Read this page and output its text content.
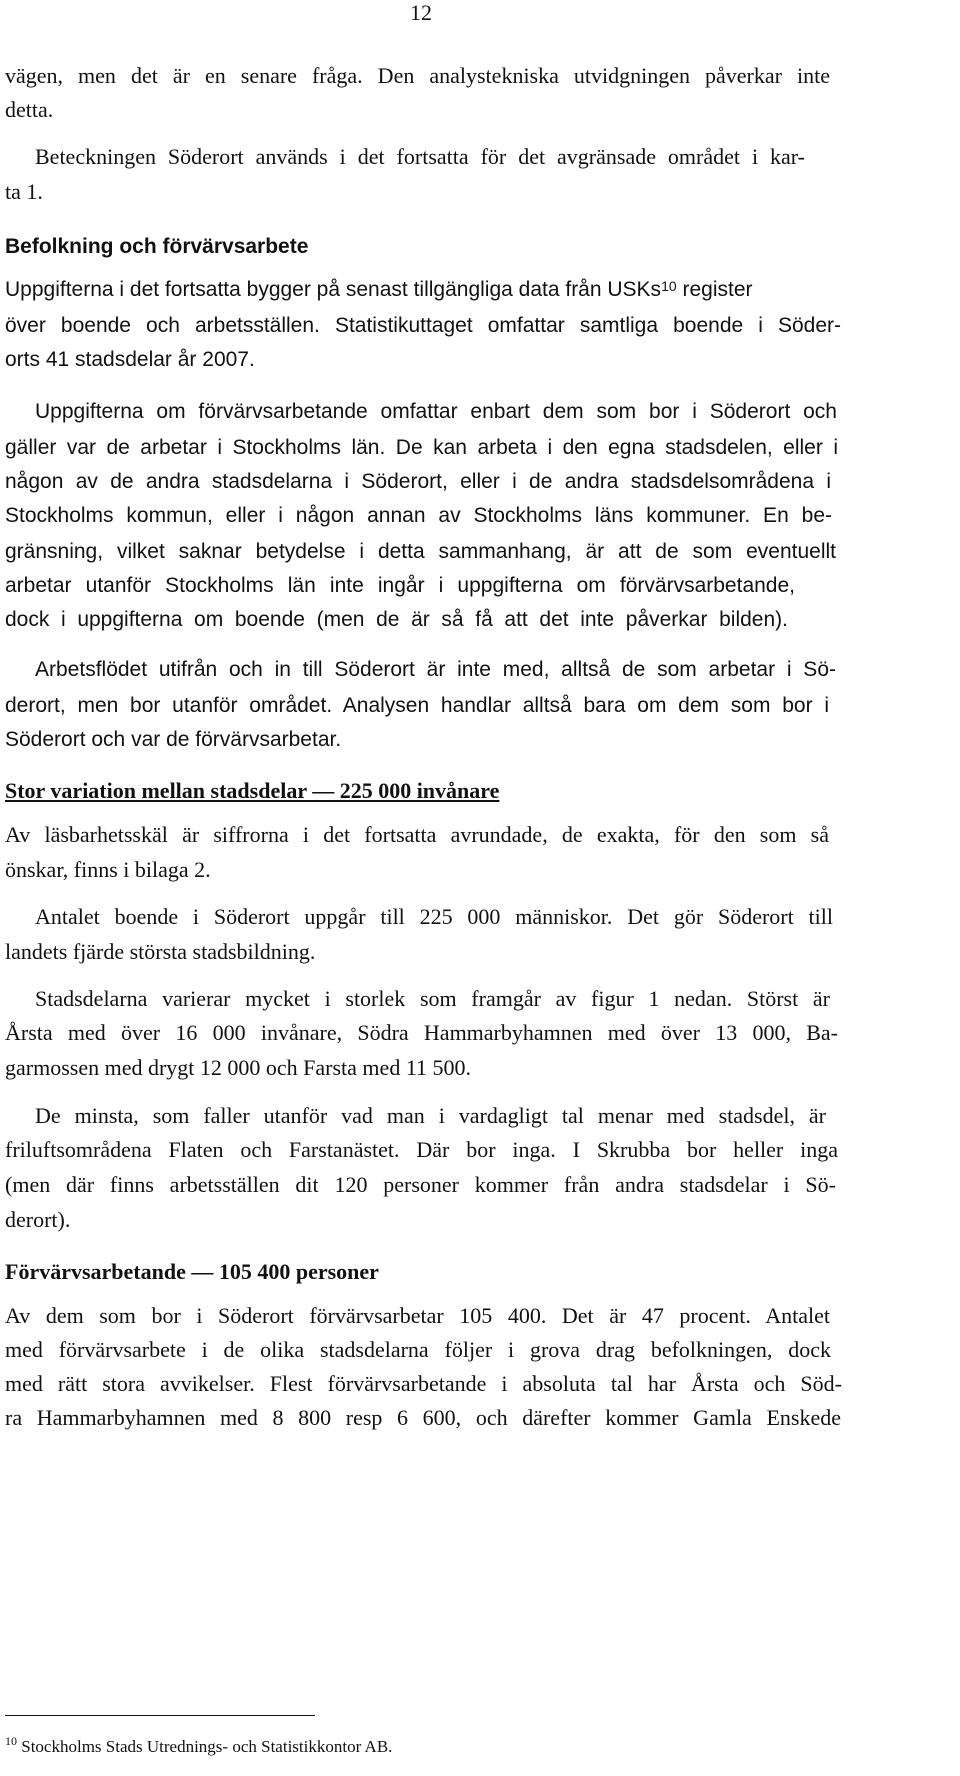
12
vägen, men det är en senare fråga. Den analystekniska utvidgningen påverkar inte
detta.
Beteckningen Söderort används i det fortsatta för det avgränsade området i kar-
ta 1.
Befolkning och förvärvsarbete
Uppgifterna i det fortsatta bygger på senast tillgängliga data från USKs$^{10}$ register
över boende och arbetsställen. Statistikuttaget omfattar samtliga boende i Söder-
orts 41 stadsdelar år 2007.
Uppgifterna om förvärvsarbetande omfattar enbart dem som bor i Söderort och
gäller var de arbetar i Stockholms län. De kan arbeta i den egna stadsdelen, eller i
någon av de andra stadsdelarna i Söderort, eller i de andra stadsdelsområdena i
Stockholms kommun, eller i någon annan av Stockholms läns kommuner. En be-
gränsning, vilket saknar betydelse i detta sammanhang, är att de som eventuellt
arbetar utanför Stockholms län inte ingår i uppgifterna om förvärvsarbetande,
dock i uppgifterna om boende (men de är så få att det inte påverkar bilden).
Arbetsflödet utifrån och in till Söderort är inte med, alltså de som arbetar i Sö-
derort, men bor utanför området. Analysen handlar alltså bara om dem som bor i
Söderort och var de förvärvsarbetar.
Stor variation mellan stadsdelar — 225 000 invånare
Av läsbarhetsskäl är siffrorna i det fortsatta avrundade, de exakta, för den som så
önskar, finns i bilaga 2.
Antalet boende i Söderort uppgår till 225 000 människor. Det gör Söderort till
landets fjärde största stadsbildning.
Stadsdelarna varierar mycket i storlek som framgår av figur 1 nedan. Störst är
Årsta med över 16 000 invånare, Södra Hammarbyhamnen med över 13 000, Ba-
garmossen med drygt 12 000 och Farsta med 11 500.
De minsta, som faller utanför vad man i vardagligt tal menar med stadsdel, är
friluftsområdena Flaten och Farstanästet. Där bor inga. I Skrubba bor heller inga
(men där finns arbetsställen dit 120 personer kommer från andra stadsdelar i Sö-
derort).
Förvärvsarbetande — 105 400 personer
Av dem som bor i Söderort förvärvsarbetar 105 400. Det är 47 procent. Antalet
med förvärvsarbete i de olika stadsdelarna följer i grova drag befolkningen, dock
med rätt stora avvikelser. Flest förvärvsarbetande i absoluta tal har Årsta och Söd-
ra Hammarbyhamnen med 8 800 resp 6 600, och därefter kommer Gamla Enskede
$^{10}$ Stockholms Stads Utrednings- och Statistikkontor AB.
